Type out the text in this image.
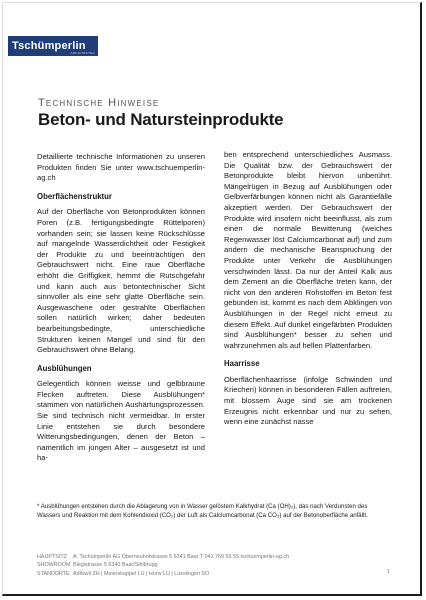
Tschümperlin
ARCHITEKTEN
Technische Hinweise
Beton- und Natursteinprodukte

Detaillierte technische Informationen zu unseren Produkten finden Sie unter www.tschuemperlin-ag.ch

Oberflächenstruktur

Auf der Oberfläche von Betonprodukten können Poren (z.B. fertigungsbedingte Rüttelporen) vorhanden sein; sie lassen keine Rückschlüsse auf mangelnde Wasserdichtheit oder Festigkeit der Produkte zu und beeinträchtigen den Gebrauchswert nicht. Eine raue Oberfläche erhöht die Griffigkeit, hemmt die Rutschgefahr und kann auch aus betontechnischer Sicht sinnvoller als eine sehr glatte Oberfläche sein. Ausgewaschene oder gestrahlte Oberflächen sollen natürlich wirken; daher bedeuten bearbeitungsbedingte, unterschiedliche Strukturen keinen Mangel und sind für den Gebrauchswert ohne Belang.

Ausblühungen

Gelegentlich können weisse und gelbbraune Flecken auftreten. Diese Ausblühungen* stammen von natürlichen Aushärtungsprozessen. Sie sind technisch nicht vermeidbar. In erster Linie entstehen sie durch besondere Witterungsbedingungen, denen der Beton – namentlich im jungen Alter – ausgesetzt ist und ha-

ben entsprechend unterschiedliches Ausmass. Die Qualität bzw. der Gebrauchswert der Betonprodukte bleibt hiervon unberührt. Mängelrügen in Bezug auf Ausblühungen oder Gelbverfärbungen können nicht als Garantiefälle akzeptiert werden. Der Gebrauchswert der Produkte wird insofern nicht beeinflusst, als zum einen die normale Bewitterung (weiches Regenwasser löst Calciumcarbonat auf) und zum andern die mechanische Beanspruchung der Produkte unter Verkehr die Ausblühungen verschwinden lässt. Da nur der Anteil Kalk aus dem Zement an die Oberfläche treten kann, der nicht von den anderen Rohstoffen im Beton fest gebunden ist, kommt es nach dem Abklingen von Ausblühungen in der Regel nicht erneut zu diesem Effekt. Auf dunkel eingefärbten Produkten sind Ausblühungen* besser zu sehen und wahrzunehmen als auf hellen Plattenfarben.

Haarrisse

Oberflächenhaarrisse (infolge Schwinden und Kriechen) können in besonderen Fällen auftreten, mit blossem Auge sind sie am trockenen Erzeugnis nicht erkennbar und nur zu sehen, wenn eine zunächst nasse

* Ausblühungen entstehen durch die Ablagerung von in Wasser gelöstem Kalkhydrat (Ca (OH)₂), das nach Verdunsten des Wassers und Reaktion mit dem Kohlendioxid (CO₂) der Luft als Calciumcarbonat (Ca CO₃) auf der Betonoberfläche anfällt.
HAUPTSITZ	A. Tschümperlin AG Oberneuhofstrasse 5 6341 Baar T 041 769 55 55 tschuemperlin-ag.ch
SHOWROOM Blegistrasse 5 6340 Baar/Sihlbrugg
STANDORTE Adliswil ZH | Meierskappel LU | Horw LU | Lüsslingen SO	1
